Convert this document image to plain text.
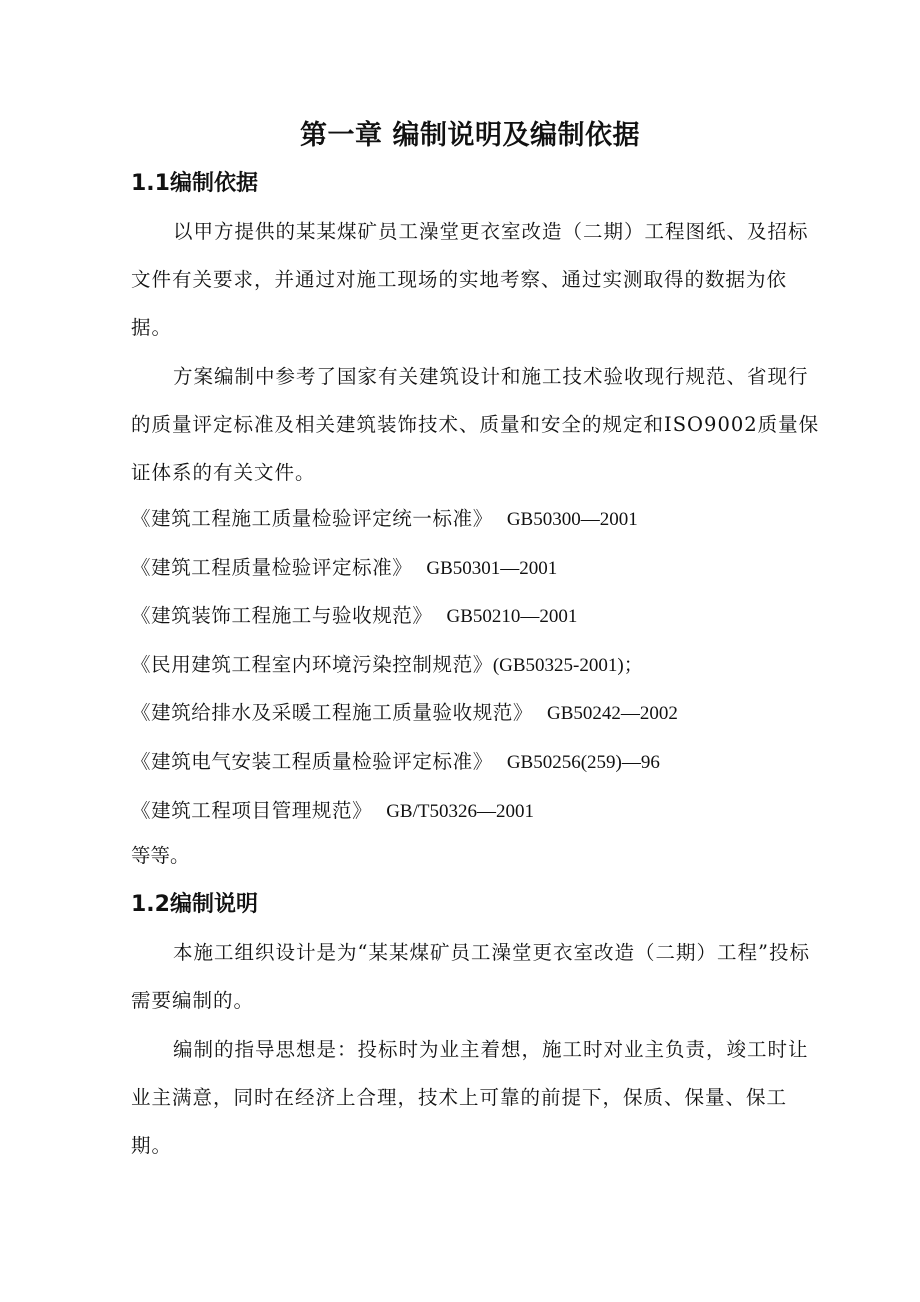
第一章 编制说明及编制依据
1.1编制依据

以甲方提供的某某煤矿员工澡堂更衣室改造（二期）工程图纸、及招标文件有关要求，并通过对施工现场的实地考察、通过实测取得的数据为依据。

方案编制中参考了国家有关建筑设计和施工技术验收现行规范、省现行的质量评定标准及相关建筑装饰技术、质量和安全的规定和ISO9002质量保证体系的有关文件。

《建筑工程施工质量检验评定统一标准》 GB50300—2001
《建筑工程质量检验评定标准》 GB50301—2001
《建筑装饰工程施工与验收规范》 GB50210—2001
《民用建筑工程室内环境污染控制规范》(GB50325-2001)；
《建筑给排水及采暖工程施工质量验收规范》 GB50242—2002
《建筑电气安装工程质量检验评定标准》 GB50256(259)—96
《建筑工程项目管理规范》 GB/T50326—2001

等等。

1.2编制说明

本施工组织设计是为“某某煤矿员工澡堂更衣室改造（二期）工程”投标需要编制的。

编制的指导思想是：投标时为业主着想，施工时对业主负责，竣工时让业主满意，同时在经济上合理，技术上可靠的前提下，保质、保量、保工期。
